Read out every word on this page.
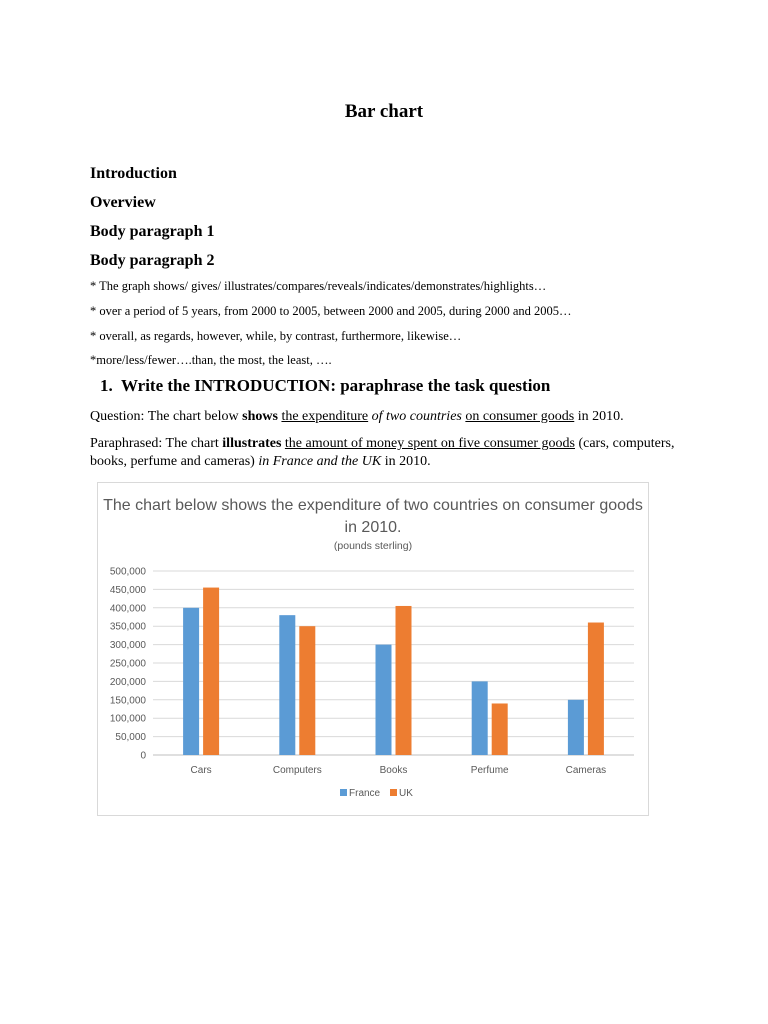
Bar chart
Introduction
Overview
Body paragraph 1
Body paragraph 2
* The graph shows/ gives/ illustrates/compares/reveals/indicates/demonstrates/highlights…
* over a period of 5 years, from 2000 to 2005, between 2000 and 2005, during 2000 and 2005…
* overall, as regards, however, while, by contrast, furthermore, likewise…
*more/less/fewer….than, the most, the least, ….
1. Write the INTRODUCTION: paraphrase the task question
Question: The chart below shows the expenditure of two countries on consumer goods in 2010.
Paraphrased: The chart illustrates the amount of money spent on five consumer goods (cars, computers, books, perfume and cameras) in France and the UK in 2010.
The chart below shows the expenditure of two countries on consumer goods in 2010.
(pounds sterling)
0
50,000
100,000
150,000
200,000
250,000
300,000
350,000
400,000
450,000
500,000
Cars	Computers	Books	Perfume	Cameras
France UK
